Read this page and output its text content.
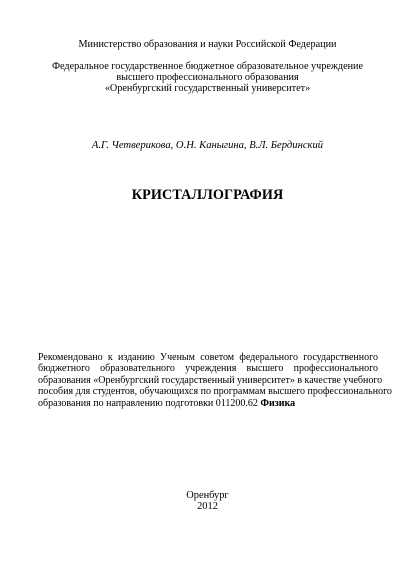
Министерство образования и науки Российской Федерации
Федеральное государственное бюджетное образовательное учреждение
высшего профессионального образования
«Оренбургский государственный университет»
А.Г. Четверикова, О.Н. Каныгина, В.Л. Бердинский
КРИСТАЛЛОГРАФИЯ
Рекомендовано к изданию Ученым советом федерального государственного
бюджетного образовательного учреждения высшего профессионального
образования «Оренбургский государственный университет» в качестве учебного
пособия для студентов, обучающихся по программам высшего профессионального
образования по направлению подготовки 011200.62 Физика
Оренбург
2012
